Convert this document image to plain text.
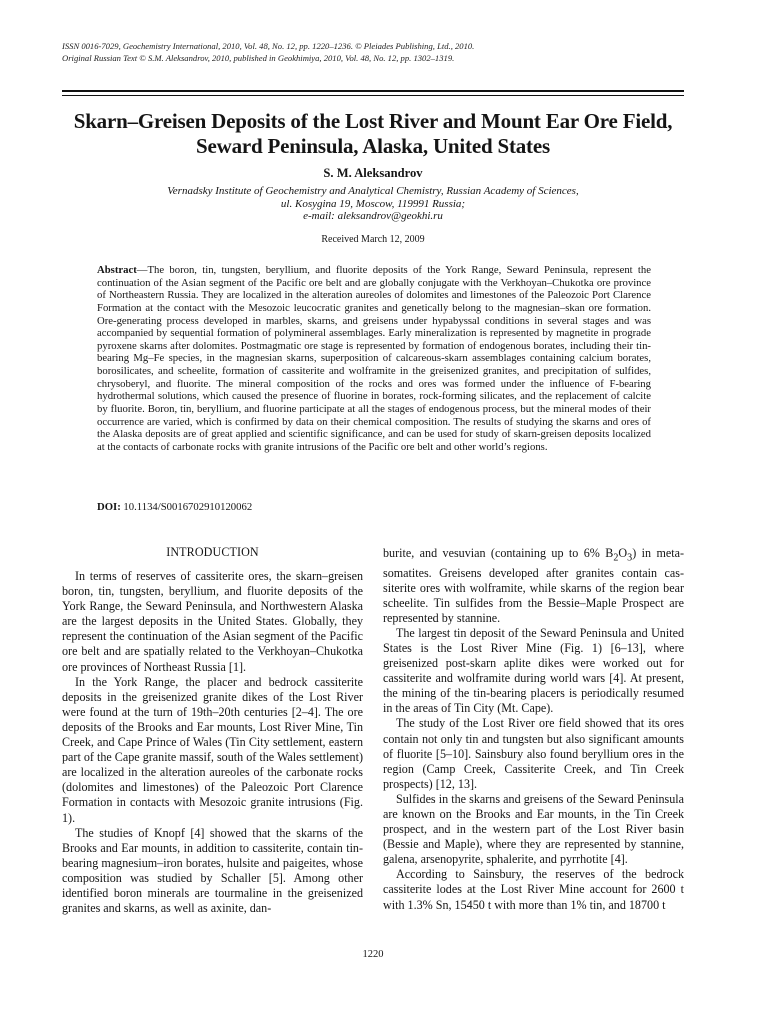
ISSN 0016-7029, Geochemistry International, 2010, Vol. 48, No. 12, pp. 1220–1236. © Pleiades Publishing, Ltd., 2010.
Original Russian Text © S.M. Aleksandrov, 2010, published in Geokhimiya, 2010, Vol. 48, No. 12, pp. 1302–1319.
Skarn–Greisen Deposits of the Lost River and Mount Ear Ore Field,
Seward Peninsula, Alaska, United States
S. M. Aleksandrov
Vernadsky Institute of Geochemistry and Analytical Chemistry, Russian Academy of Sciences,
ul. Kosygina 19, Moscow, 119991 Russia;
e-mail: aleksandrov@geokhi.ru
Received March 12, 2009
Abstract—The boron, tin, tungsten, beryllium, and fluorite deposits of the York Range, Seward Peninsula, represent the continuation of the Asian segment of the Pacific ore belt and are globally conjugate with the Verkhoyan–Chukotka ore province of Northeastern Russia. They are localized in the alteration aureoles of dolomites and limestones of the Paleozoic Port Clarence Formation at the contact with the Mesozoic leucocratic granites and genetically belong to the magnesian–skan ore formation. Ore-generating process developed in marbles, skarns, and greisens under hypabyssal conditions in several stages and was accompanied by sequential formation of polymineral assemblages. Early mineralization is represented by magnetite in prograde pyroxene skarns after dolomites. Postmagmatic ore stage is represented by formation of endogenous borates, including their tin-bearing Mg–Fe species, in the magnesian skarns, superposition of calcareous-skarn assemblages containing calcium borates, borosilicates, and scheelite, formation of cassiterite and wolframite in the greisenized granites, and precipitation of sulfides, chrysoberyl, and fluorite. The mineral composition of the rocks and ores was formed under the influence of F-bearing hydrothermal solutions, which caused the presence of fluorine in borates, rock-forming silicates, and the replacement of calcite by fluorite. Boron, tin, beryllium, and fluorine participate at all the stages of endogenous process, but the mineral modes of their occurrence are varied, which is confirmed by data on their chemical composition. The results of studying the skarns and ores of the Alaska deposits are of great applied and scientific significance, and can be used for study of skarn-greisen deposits localized at the contacts of carbonate rocks with granite intrusions of the Pacific ore belt and other world’s regions.
DOI: 10.1134/S0016702910120062
INTRODUCTION

In terms of reserves of cassiterite ores, the skarn–greisen boron, tin, tungsten, beryllium, and fluorite deposits of the York Range, the Seward Peninsula, and Northwestern Alaska are the largest deposits in the United States. Globally, they represent the continuation of the Asian segment of the Pacific ore belt and are spatially related to the Verkhoyan–Chukotka ore provinces of Northeast Russia [1].

In the York Range, the placer and bedrock cassiterite deposits in the greisenized granite dikes of the Lost River were found at the turn of 19th–20th centuries [2–4]. The ore deposits of the Brooks and Ear mounts, Lost River Mine, Tin Creek, and Cape Prince of Wales (Tin City settlement, eastern part of the Cape granite massif, south of the Wales settlement) are localized in the alteration aureoles of the carbonate rocks (dolomites and limestones) of the Paleozoic Port Clarence Formation in contacts with Mesozoic granite intrusions (Fig. 1).

The studies of Knopf [4] showed that the skarns of the Brooks and Ear mounts, in addition to cassiterite, contain tin-bearing magnesium–iron borates, hulsite and paigeites, whose composition was studied by Schaller [5]. Among other identified boron minerals are tourmaline in the greisenized granites and skarns, as well as axinite, dan-

burite, and vesuvian (containing up to 6% $B_2O_3$) in metasomatites. Greisens developed after granites contain cassiterite ores with wolframite, while skarns of the region bear scheelite. Tin sulfides from the Bessie–Maple Prospect are represented by stannine.

The largest tin deposit of the Seward Peninsula and United States is the Lost River Mine (Fig. 1) [6–13], where greisenized post-skarn aplite dikes were worked out for cassiterite and wolframite during world wars [4]. At present, the mining of the tin-bearing placers is periodically resumed in the areas of Tin City (Mt. Cape).

The study of the Lost River ore field showed that its ores contain not only tin and tungsten but also significant amounts of fluorite [5–10]. Sainsbury also found beryllium ores in the region (Camp Creek, Cassiterite Creek, and Tin Creek prospects) [12, 13].

Sulfides in the skarns and greisens of the Seward Peninsula are known on the Brooks and Ear mounts, in the Tin Creek prospect, and in the western part of the Lost River basin (Bessie and Maple), where they are represented by stannine, galena, arsenopyrite, sphalerite, and pyrrhotite [4].

According to Sainsbury, the reserves of the bedrock cassiterite lodes at the Lost River Mine account for 2600 t with 1.3% Sn, 15450 t with more than 1% tin, and 18700 t

1220
